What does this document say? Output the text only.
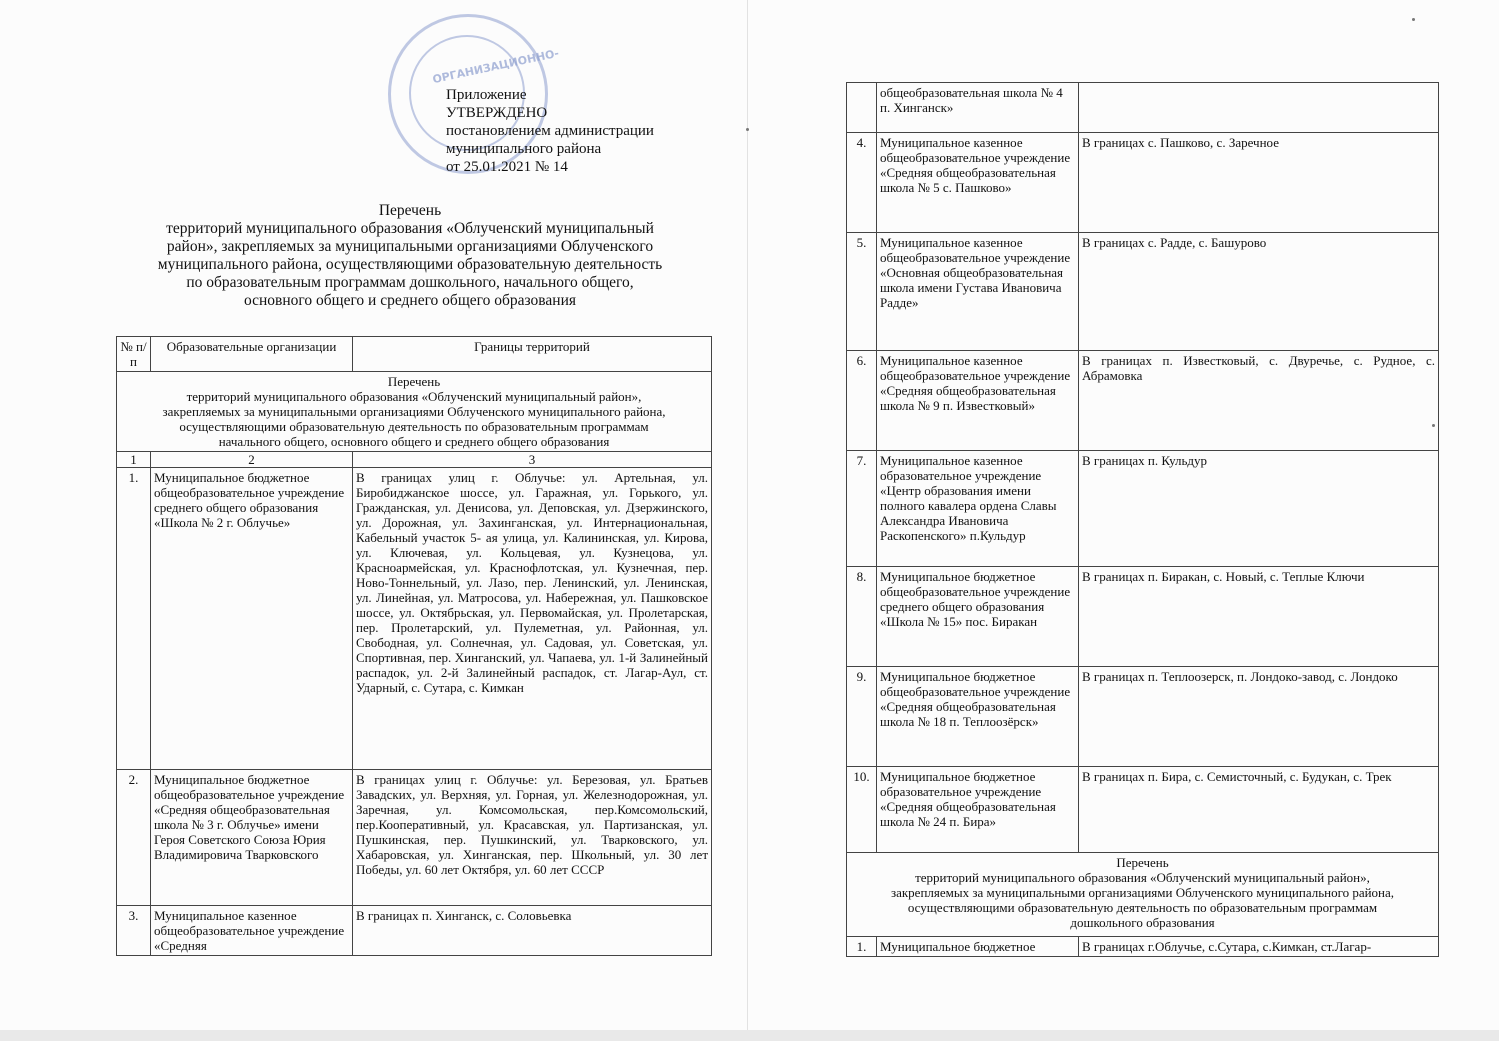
ОРГАНИЗАЦИОННО-
Приложение
УТВЕРЖДЕНО
постановлением администрации
муниципального района
от 25.01.2021 № 14
Перечень
территорий муниципального образования «Облученский муниципальный
район», закрепляемых за муниципальными организациями Облученского
муниципального района, осуществляющими образовательную деятельность
по образовательным программам дошкольного, начального общего,
основного общего и среднего общего образования
№ п/п	Образовательные организации	Границы территорий

Перечень
территорий муниципального образования «Облученский муниципальный район»,
закрепляемых за муниципальными организациями Облученского муниципального района,
осуществляющими образовательную деятельность по образовательным программам
начального общего, основного общего и среднего общего образования		

1	2	3
1.	Муниципальное бюджетное общеобразовательное учреждение среднего общего образования «Школа № 2 г. Облучье»	В границах улиц г. Облучье: ул. Артельная, ул. Биробиджанское шоссе, ул. Гаражная, ул. Горького, ул. Гражданская, ул. Денисова, ул. Деповская, ул. Дзержинского, ул. Дорожная, ул. Захинганская, ул. Интернациональная, Кабельный участок 5- ая улица, ул. Калининская, ул. Кирова, ул. Ключевая, ул. Кольцевая, ул. Кузнецова, ул. Красноармейская, ул. Краснофлотская, ул. Кузнечная, пер. Ново-Тоннельный, ул. Лазо, пер. Ленинский, ул. Ленинская, ул. Линейная, ул. Матросова, ул. Набережная, ул. Пашковское шоссе, ул. Октябрьская, ул. Первомайская, ул. Пролетарская, пер. Пролетарский, ул. Пулеметная, ул. Районная, ул. Свободная, ул. Солнечная, ул. Садовая, ул. Советская, ул. Спортивная, пер. Хинганский, ул. Чапаева, ул. 1-й Залинейный распадок, ул. 2-й Залинейный распадок, ст. Лагар-Аул, ст. Ударный, с. Сутара, с. Кимкан
2.	Муниципальное бюджетное общеобразовательное учреждение «Средняя общеобразовательная школа № 3 г. Облучье» имени Героя Советского Союза Юрия Владимировича Тварковского	В границах улиц г. Облучье: ул. Березовая, ул. Братьев Завадских, ул. Верхняя, ул. Горная, ул. Железнодорожная, ул. Заречная, ул. Комсомольская, пер.Комсомольский, пер.Кооперативный, ул. Красавская, ул. Партизанская, ул. Пушкинская, пер. Пушкинский, ул. Тварковского, ул. Хабаровская, ул. Хинганская, пер. Школьный, ул. 30 лет Победы, ул. 60 лет Октября, ул. 60 лет СССР
3.	Муниципальное казенное общеобразовательное учреждение «Средняя	В границах п. Хинганск, с. Соловьевка
	общеобразовательная школа № 4 п. Хинганск»	
4.	Муниципальное казенное общеобразовательное учреждение «Средняя общеобразовательная школа № 5 с. Пашково»	В границах с. Пашково, с. Заречное
5.	Муниципальное казенное общеобразовательное учреждение «Основная общеобразовательная школа имени Густава Ивановича Радде»	В границах с. Радде, с. Башурово
6.	Муниципальное казенное общеобразовательное учреждение «Средняя общеобразовательная школа № 9 п. Известковый»	В границах п. Известковый, с. Двуречье, с. Рудное, с. Абрамовка
7.	Муниципальное казенное образовательное учреждение «Центр образования имени полного кавалера ордена Славы Александра Ивановича Раскопенского» п.Кульдур	В границах п. Кульдур
8.	Муниципальное бюджетное общеобразовательное учреждение среднего общего образования «Школа № 15» пос. Биракан	В границах п. Биракан, с. Новый, с. Теплые Ключи
9.	Муниципальное бюджетное общеобразовательное учреждение «Средняя общеобразовательная школа № 18 п. Теплоозёрск»	В границах п. Теплоозерск, п. Лондоко-завод, с. Лондоко
10.	Муниципальное бюджетное образовательное учреждение «Средняя общеобразовательная школа № 24 п. Бира»	В границах п. Бира, с. Семисточный, с. Будукан, с. Трек

Перечень
территорий муниципального образования «Облученский муниципальный район»,
закрепляемых за муниципальными организациями Облученского муниципального района,
осуществляющими образовательную деятельность по образовательным программам
дошкольного образования		

1.	Муниципальное бюджетное	В границах г.Облучье, с.Сутара, с.Кимкан, ст.Лагар-
